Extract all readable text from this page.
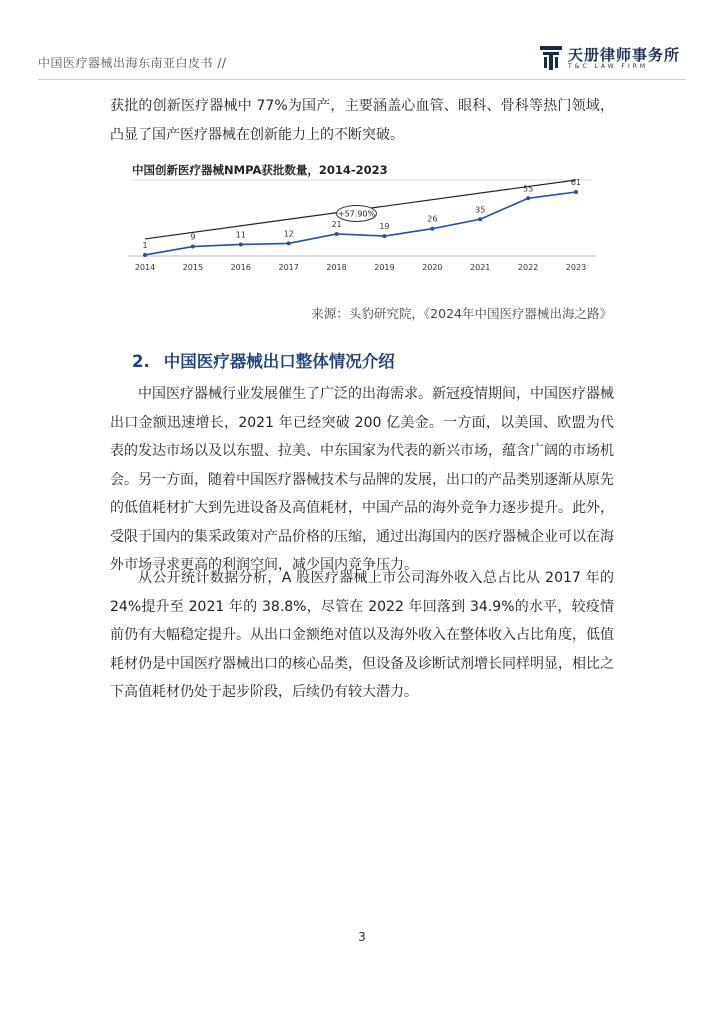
中国医疗器械出海东南亚白皮书 //	天册律师事务所
T&C LAW FIRM

获批的创新医疗器械中 77%为国产，主要涵盖心血管、眼科、骨科等热门领域，凸显了国产医疗器械在创新能力上的不断突破。

中国创新医疗器械NMPA获批数量，2014-2023
+57.90%
1
9	11	12
21	19
26
35
55
61
2014	2015	2016	2017	2018	2019	2020	2021	2022	2023
来源：头豹研究院，《2024年中国医疗器械出海之路》
2. 中国医疗器械出口整体情况介绍

中国医疗器械行业发展催生了广泛的出海需求。新冠疫情期间，中国医疗器械出口金额迅速增长，2021 年已经突破 200 亿美金。一方面，以美国、欧盟为代表的发达市场以及以东盟、拉美、中东国家为代表的新兴市场，蕴含广阔的市场机会。另一方面，随着中国医疗器械技术与品牌的发展，出口的产品类别逐渐从原先的低值耗材扩大到先进设备及高值耗材，中国产品的海外竞争力逐步提升。此外，受限于国内的集采政策对产品价格的压缩，通过出海国内的医疗器械企业可以在海外市场寻求更高的利润空间，减少国内竞争压力。

从公开统计数据分析，A 股医疗器械上市公司海外收入总占比从 2017 年的 24%提升至 2021 年的 38.8%，尽管在 2022 年回落到 34.9%的水平，较疫情前仍有大幅稳定提升。从出口金额绝对值以及海外收入在整体收入占比角度，低值耗材仍是中国医疗器械出口的核心品类，但设备及诊断试剂增长同样明显，相比之下高值耗材仍处于起步阶段，后续仍有较大潜力。

3
